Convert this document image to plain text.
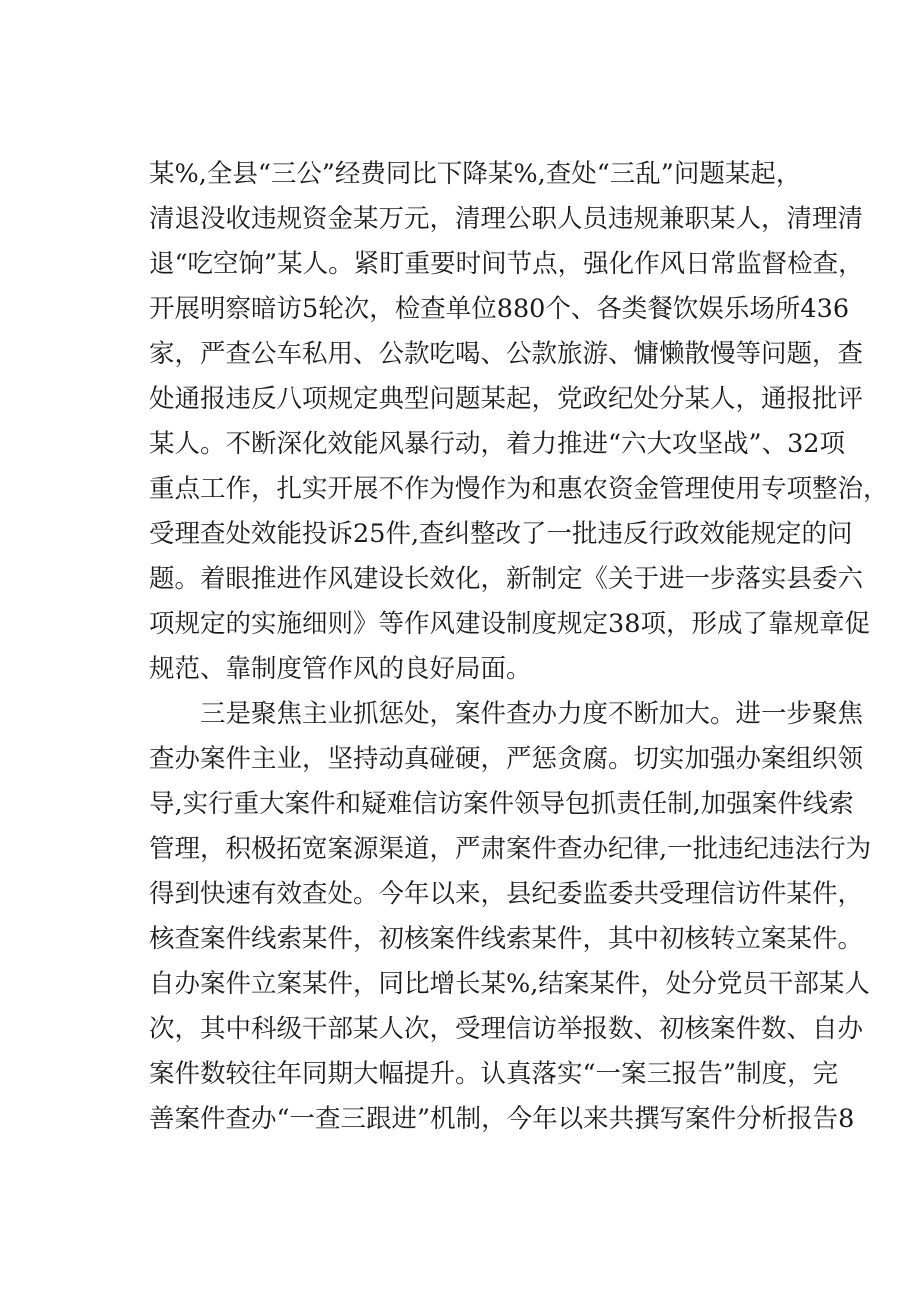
某%,全县“三公”经费同比下降某%,查处“三乱”问题某起，
清退没收违规资金某万元，清理公职人员违规兼职某人，清理清
退“吃空饷”某人。紧盯重要时间节点，强化作风日常监督检查，
开展明察暗访5轮次，检查单位880个、各类餐饮娱乐场所436
家，严查公车私用、公款吃喝、公款旅游、慵懒散慢等问题，查
处通报违反八项规定典型问题某起，党政纪处分某人，通报批评
某人。不断深化效能风暴行动，着力推进“六大攻坚战”、32项
重点工作，扎实开展不作为慢作为和惠农资金管理使用专项整治，
受理查处效能投诉25件,查纠整改了一批违反行政效能规定的问
题。着眼推进作风建设长效化，新制定《关于进一步落实县委六
项规定的实施细则》等作风建设制度规定38项，形成了靠规章促
规范、靠制度管作风的良好局面。
三是聚焦主业抓惩处，案件查办力度不断加大。进一步聚焦
查办案件主业，坚持动真碰硬，严惩贪腐。切实加强办案组织领
导,实行重大案件和疑难信访案件领导包抓责任制,加强案件线索
管理，积极拓宽案源渠道，严肃案件查办纪律,一批违纪违法行为
得到快速有效查处。今年以来，县纪委监委共受理信访件某件，
核查案件线索某件，初核案件线索某件，其中初核转立案某件。
自办案件立案某件，同比增长某%,结案某件，处分党员干部某人
次，其中科级干部某人次，受理信访举报数、初核案件数、自办
案件数较往年同期大幅提升。认真落实“一案三报告”制度，完
善案件查办“一查三跟进”机制，今年以来共撰写案件分析报告8
